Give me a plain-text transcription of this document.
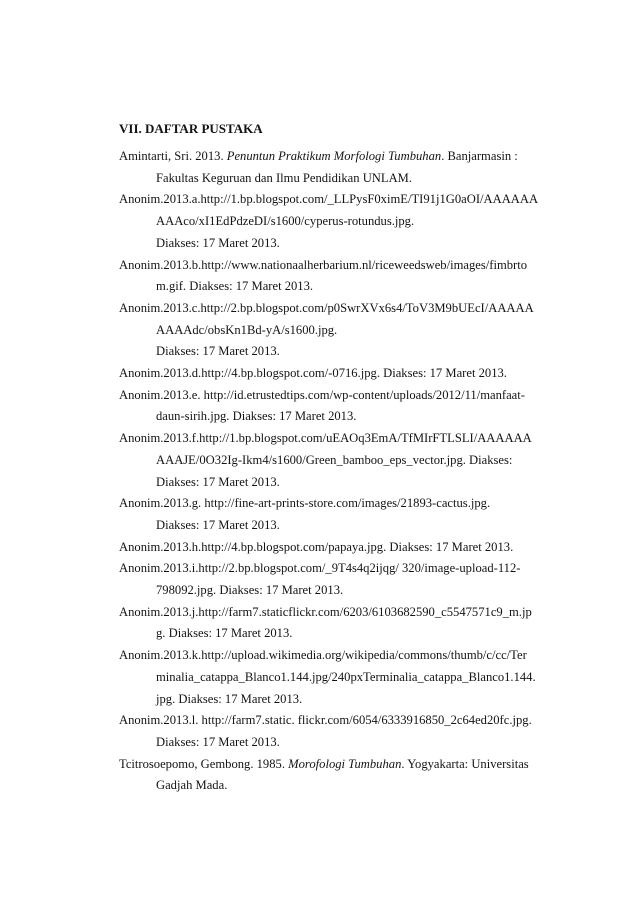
VII. DAFTAR PUSTAKA
Amintarti, Sri. 2013. Penuntun Praktikum Morfologi Tumbuhan. Banjarmasin :
Fakultas Keguruan dan Ilmu Pendidikan UNLAM.
Anonim.2013.a.http://1.bp.blogspot.com/_LLPysF0ximE/TI91j1G0aOI/AAAAAA
AAAco/xI1EdPdzeDI/s1600/cyperus-rotundus.jpg.
Diakses: 17 Maret 2013.
Anonim.2013.b.http://www.nationaalherbarium.nl/riceweedsweb/images/fimbrto
m.gif. Diakses: 17 Maret 2013.
Anonim.2013.c.http://2.bp.blogspot.com/p0SwrXVx6s4/ToV3M9bUEcI/AAAAA
AAAAdc/obsKn1Bd-yA/s1600.jpg.
Diakses: 17 Maret 2013.
Anonim.2013.d.http://4.bp.blogspot.com/-0716.jpg. Diakses: 17 Maret 2013.
Anonim.2013.e. http://id.etrustedtips.com/wp-content/uploads/2012/11/manfaat-
daun-sirih.jpg. Diakses: 17 Maret 2013.
Anonim.2013.f.http://1.bp.blogspot.com/uEAOq3EmA/TfMIrFTLSLI/AAAAAA
AAAJE/0O32Ig-Ikm4/s1600/Green_bamboo_eps_vector.jpg. Diakses:
Diakses: 17 Maret 2013.
Anonim.2013.g. http://fine-art-prints-store.com/images/21893-cactus.jpg.
Diakses: 17 Maret 2013.
Anonim.2013.h.http://4.bp.blogspot.com/papaya.jpg. Diakses: 17 Maret 2013.
Anonim.2013.i.http://2.bp.blogspot.com/_9T4s4q2ijqg/ 320/image-upload-112-
798092.jpg. Diakses: 17 Maret 2013.
Anonim.2013.j.http://farm7.staticflickr.com/6203/6103682590_c5547571c9_m.jp
g. Diakses: 17 Maret 2013.
Anonim.2013.k.http://upload.wikimedia.org/wikipedia/commons/thumb/c/cc/Ter
minalia_catappa_Blanco1.144.jpg/240pxTerminalia_catappa_Blanco1.144.
jpg. Diakses: 17 Maret 2013.
Anonim.2013.l. http://farm7.static. flickr.com/6054/6333916850_2c64ed20fc.jpg.
Diakses: 17 Maret 2013.
Tcitrosoepomo, Gembong. 1985. Morofologi Tumbuhan. Yogyakarta: Universitas
Gadjah Mada.
